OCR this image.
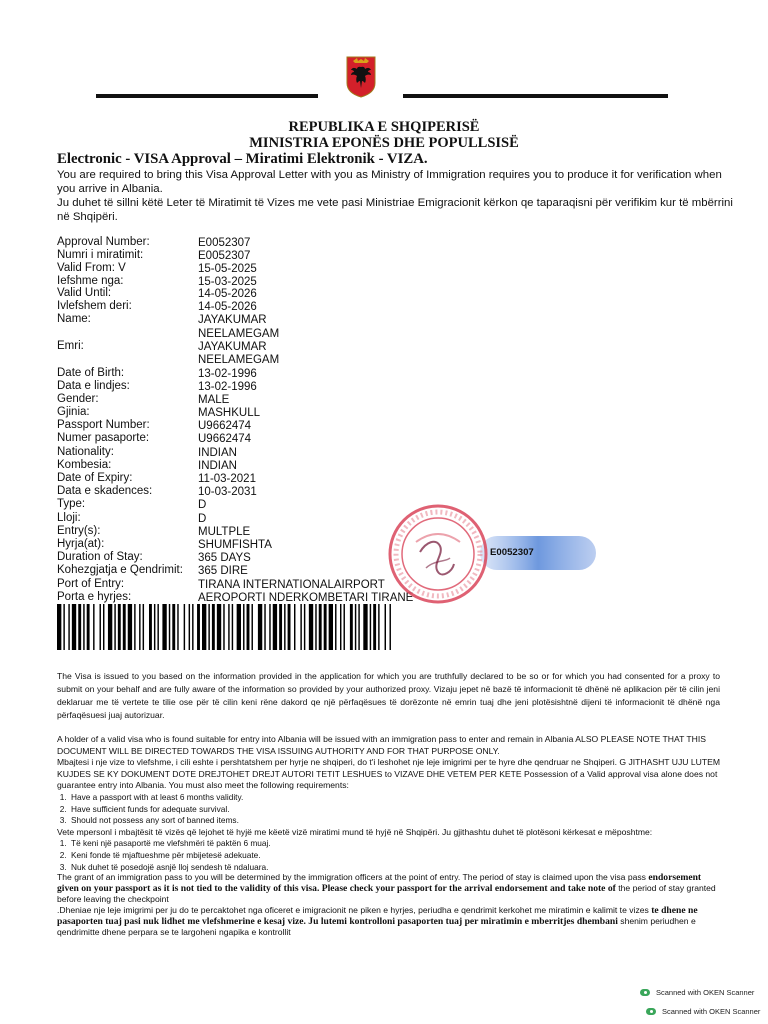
REPUBLIKA E SHQIPERISË
MINISTRIA EPONËS DHE POPULLSISË
Electronic - VISA Approval – Miratimi Elektronik - VIZA.
You are required to bring this Visa Approval Letter with you as Ministry of Immigration requires you to produce it for verification when you arrive in Albania.
Ju duhet të sillni këtë Leter të Miratimit të Vizes me vete pasi Ministriae Emigracionit kërkon qe taparaqisni për verifikim kur të mbërrini në Shqipëri.
Approval Number:	E0052307
Numri i miratimit:	E0052307
Valid From: V	15-05-2025
Iefshme nga:	15-03-2025
Valid Until:	14-05-2026
Ivlefshem deri:	14-05-2026
Name:	JAYAKUMAR
NEELAMEGAM
Emri:	JAYAKUMAR
NEELAMEGAM
Date of Birth:	13-02-1996
Data e lindjes:	13-02-1996
Gender:	MALE
Gjinia:	MASHKULL
Passport Number:	U9662474
Numer pasaporte:	U9662474
Nationality:	INDIAN
Kombesia:	INDIAN
Date of Expiry:	11-03-2021
Data e skadences:	10-03-2031
Type:	D
Lloji:	D
Entry(s):	MULTPLE
Hyrja(at):	SHUMFISHTA
Duration of Stay:	365 DAYS
Kohezgjatja e Qendrimit: 365 DIRE
Port of Entry:	TIRANA INTERNATIONALAIRPORT
Porta e hyrjes:	AEROPORTI NDERKOMBETARI TIRANE
E0052307
The Visa is issued to you based on the information provided in the application for which you are truthfully declared to be so or for which you had consented for a proxy to submit on your behalf and are fully aware of the information so provided by your authorized proxy. Vizaju jepet në bazë të informacionit të dhënë në aplikacion për të cilin jeni deklaruar me të vertete te tilie ose për të cilin keni rëne dakord qe një përfaqësues të dorëzonte në emrin tuaj dhe jeni plotësishtnë dijeni të informacionit të dhënë nga përfaqësuesi juaj autorizuar.

A holder of a valid visa who is found suitable for entry into Albania will be issued with an immigration pass to enter and remain in Albania ALSO PLEASE NOTE THAT THIS DOCUMENT WILL BE DIRECTED TOWARDS THE VISA ISSUING AUTHORITY AND FOR THAT PURPOSE ONLY.

Mbajtesi i nje vize to vlefshme, i cili eshte i pershtatshem per hyrje ne shqiperi, do t'i leshohet nje leje imigrimi per te hyre dhe qendruar ne Shqiperi. G JITHASHT UJU LUTEM KUJDES SE KY DOKUMENT DOTE DREJTOHET DREJT AUTORI TETIT LESHUES to VIZAVE DHE VETEM PER KETE Possession of a Valid approval visa alone does not guarantee entry into Albania. You must also meet the following requirements:

1. Have a passport with at least 6 months validity.
2. Have sufficient funds for adequate survival.
3. Should not possess any sort of banned items.

Vete mpersonl i mbajtësit të vizës që lejohet të hyjë me këetë vizë miratimi mund të hyjë në Shqipëri. Ju gjithashtu duhet të plotësoni kërkesat e mëposhtme:

1. Të keni një pasaportë me vlefshmëri të paktën 6 muaj.
2. Keni fonde të mjaftueshme për mbijetesë adekuate.
3. Nuk duhet të posedojë asnjë lloj sendesh të ndaluara.

The grant of an immigration pass to you will be determined by the immigration officers at the point of entry. The period of stay is claimed upon the visa pass endorsement given on your passport as it is not tied to the validity of this visa. Please check your passport for the arrival endorsement and take note of the period of stay granted before leaving the checkpoint

.Dheniae nje leje imigrimi per ju do te percaktohet nga oficeret e imigracionit ne piken e hyrjes, periudha e qendrimit kerkohet me miratimin e kalimit te vizes te dhene ne pasaporten tuaj pasi nuk lidhet me vlefshmerine e kesaj vize. Ju lutemi kontrolloni pasaporten tuaj per miratimin e mberritjes dhembani shenim periudhen e qendrimitte dhene perpara se te largoheni ngapika e kontrollit

Scanned with OKEN Scanner
Scanned with OKEN Scanner
